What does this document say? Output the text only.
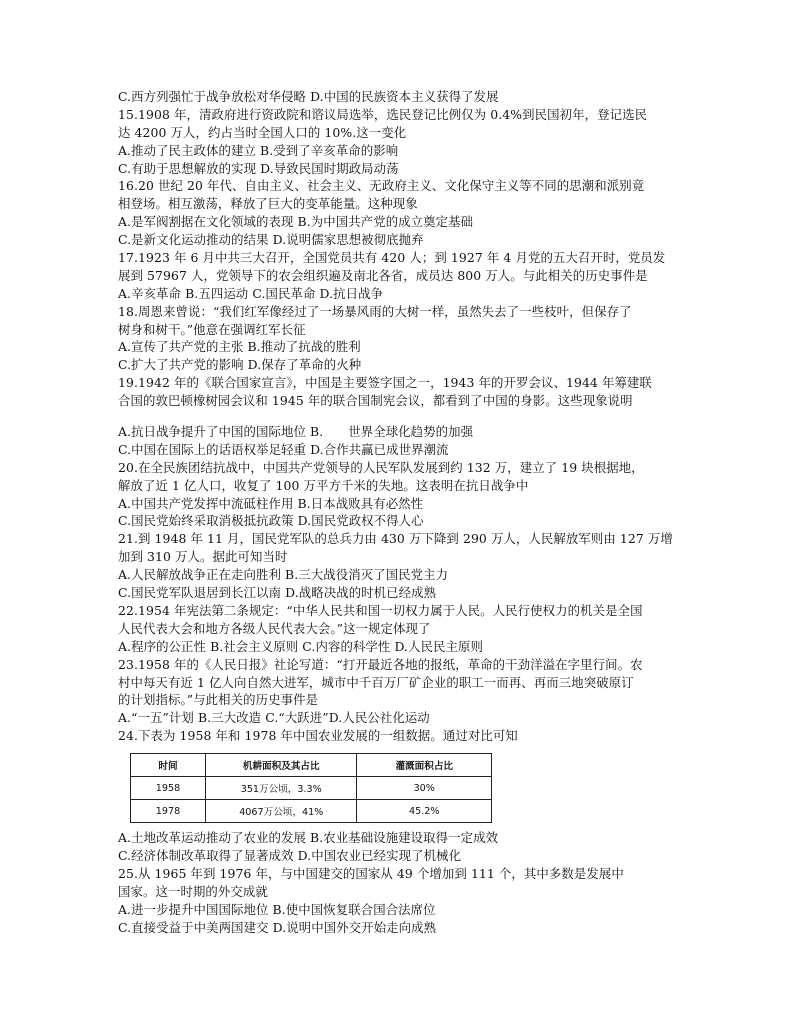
C.西方列强忙于战争放松对华侵略 D.中国的民族资本主义获得了发展
15.1908 年，清政府进行资政院和谘议局选举，选民登记比例仅为 0.4%到民国初年，登记选民
达 4200 万人，约占当时全国人口的 10%.这一变化
A.推动了民主政体的建立 B.受到了辛亥革命的影响
C.有助于思想解放的实现 D.导致民国时期政局动荡
16.20 世纪 20 年代、自由主义、社会主义、无政府主义、文化保守主义等不同的思潮和派别竟
相登场。相互激荡，释放了巨大的变革能量。这种现象
A.是军阀割据在文化领域的表现 B.为中国共产党的成立奠定基础
C.是新文化运动推动的结果 D.说明儒家思想被彻底抛弃
17.1923 年 6 月中共三大召开，全国党员共有 420 人；到 1927 年 4 月党的五大召开时，党员发
展到 57967 人，党领导下的农会组织遍及南北各省，成员达 800 万人。与此相关的历史事件是
A.辛亥革命 B.五四运动 C.国民革命 D.抗日战争
18.周恩来曾说：“我们红军像经过了一场暴风雨的大树一样，虽然失去了一些枝叶，但保存了
树身和树干。”他意在强调红军长征
A.宣传了共产党的主张 B.推动了抗战的胜利
C.扩大了共产党的影响 D.保存了革命的火种
19.1942 年的《联合国家宣言》，中国是主要签字国之一，1943 年的开罗会议、1944 年筹建联
合国的敦巴顿橡树园会议和 1945 年的联合国制宪会议，都看到了中国的身影。这些现象说明
A.抗日战争提升了中国的国际地位 B.　　世界全球化趋势的加强
C.中国在国际上的话语权举足轻重 D.合作共赢已成世界潮流
20.在全民族团结抗战中，中国共产党领导的人民军队发展到约 132 万，建立了 19 块根据地，
解放了近 1 亿人口，收复了 100 万平方千米的失地。这表明在抗日战争中
A.中国共产党发挥中流砥柱作用 B.日本战败具有必然性
C.国民党始终采取消极抵抗政策 D.国民党政权不得人心
21.到 1948 年 11 月，国民党军队的总兵力由 430 万下降到 290 万人，人民解放军则由 127 万增
加到 310 万人。据此可知当时
A.人民解放战争正在走向胜利 B.三大战役消灭了国民党主力
C.国民党军队退居到长江以南 D.战略决战的时机已经成熟
22.1954 年宪法第二条规定：“中华人民共和国一切权力属于人民。人民行使权力的机关是全国
人民代表大会和地方各级人民代表大会。”这一规定体现了
A.程序的公正性 B.社会主义原则 C.内容的科学性 D.人民民主原则
23.1958 年的《人民日报》社论写道：“打开最近各地的报纸，革命的干劲洋溢在字里行间。农
村中每天有近 1 亿人向自然大进军，城市中千百万厂矿企业的职工一而再、再而三地突破原订
的计划指标。”与此相关的历史事件是
A.“一五”计划 B.三大改造 C.“大跃进”D.人民公社化运动
24.下表为 1958 年和 1978 年中国农业发展的一组数据。通过对比可知
时间	机耕面积及其占比	灌溉面积占比
1958	351万公顷，3.3%	30%
1978	4067万公顷，41%	45.2%
A.土地改革运动推动了农业的发展 B.农业基础设施建设取得一定成效
C.经济体制改革取得了显著成效 D.中国农业已经实现了机械化
25.从 1965 年到 1976 年，与中国建交的国家从 49 个增加到 111 个，其中多数是发展中
国家。这一时期的外交成就
A.进一步提升中国国际地位 B.使中国恢复联合国合法席位
C.直接受益于中美两国建交 D.说明中国外交开始走向成熟
